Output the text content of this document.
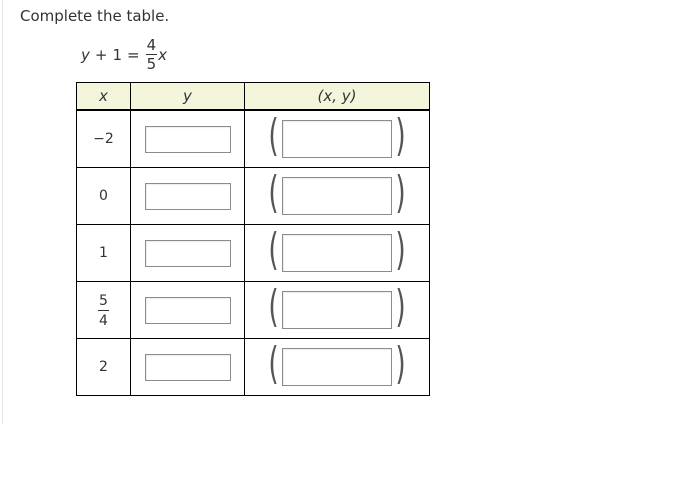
Complete the table.
$y + 1 = \frac{4}{5}$ x
x	y	(x, y)
−2		( )

0		( )

1		( )

$\frac{5}{4}$		( )

2		( )
